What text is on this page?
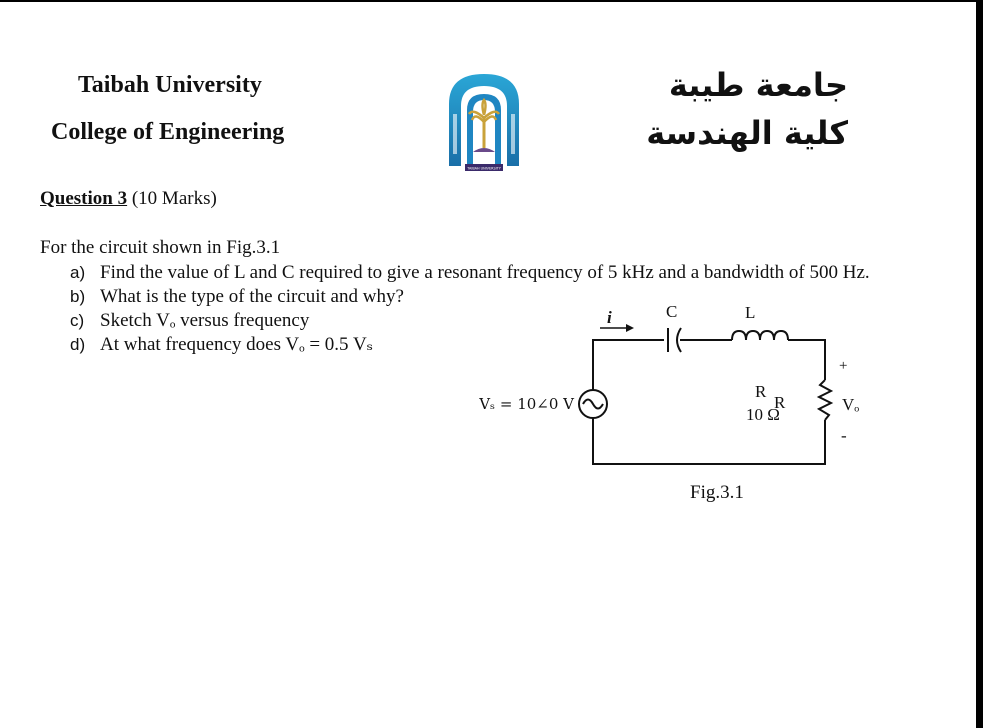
Taibah University
College of Engineering
TAIBAH UNIVERSITY
جامعة طيبة
كلية الهندسة
Question 3 (10 Marks)
For the circuit shown in Fig.3.1
a) Find the value of L and C required to give a resonant frequency of 5 kHz and a bandwidth of 500 Hz.
b) What is the type of the circuit and why?
c) Sketch Vₒ versus frequency
d) At what frequency does Vₒ = 0.5 Vₛ
i	C	L
Vₛ = 10∠0 V
R
R
10 Ω
+
Vₒ
-
Fig.3.1
